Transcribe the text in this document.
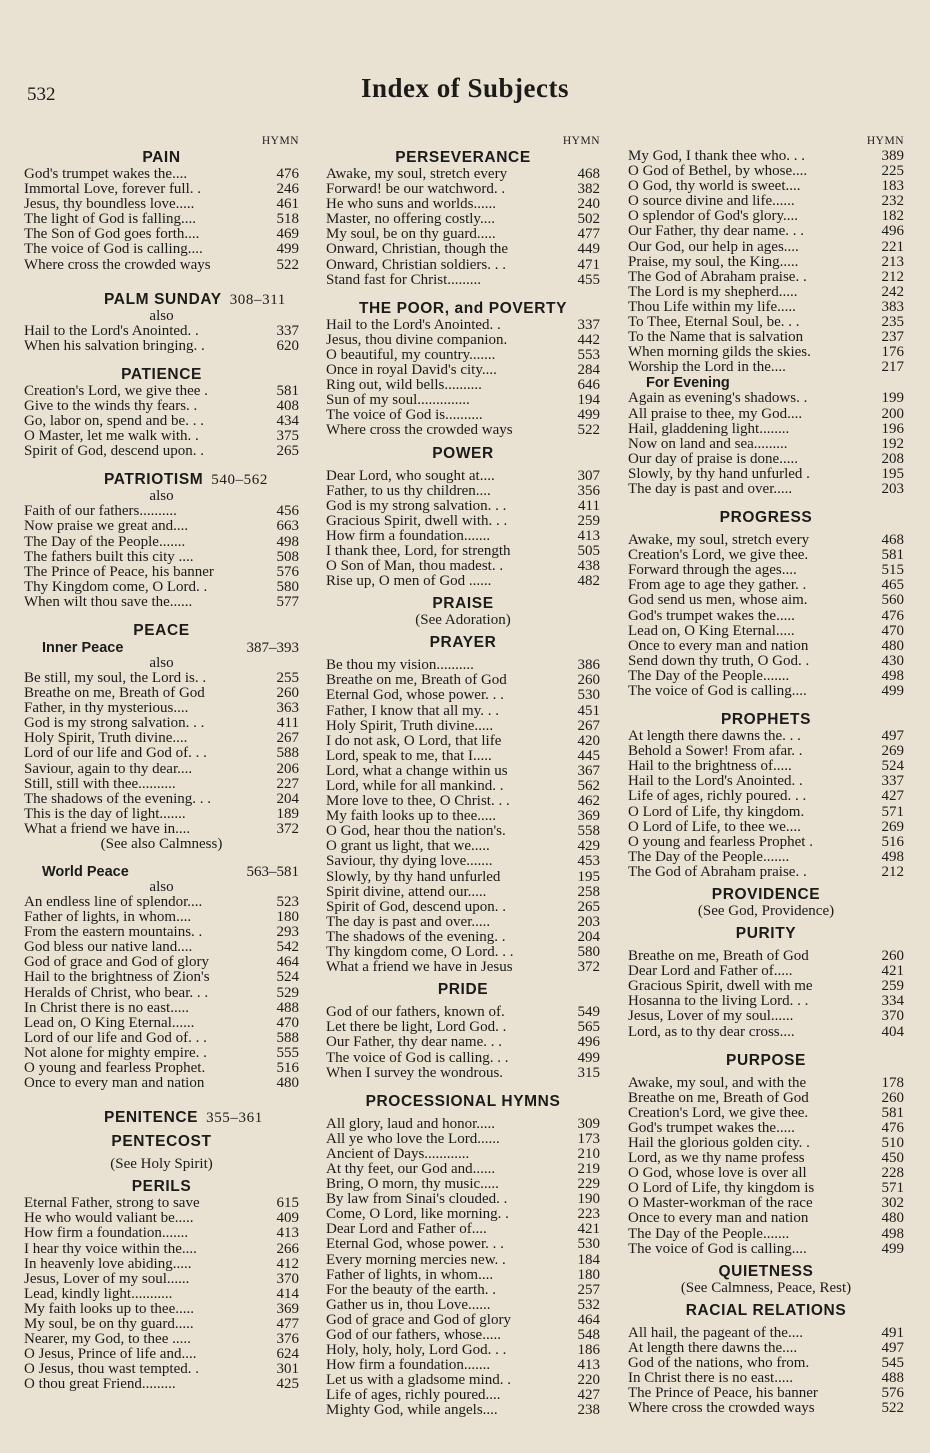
532	Index of Subjects
HYMN
PAIN
God's trumpet wakes the....	476
Immortal Love, forever full. .	246
Jesus, thy boundless love.....	461
The light of God is falling....	518
The Son of God goes forth....	469
The voice of God is calling....	499
Where cross the crowded ways	522
PALM SUNDAY 308–311
also
Hail to the Lord's Anointed. .	337
When his salvation bringing. .	620
PATIENCE
Creation's Lord, we give thee .	581
Give to the winds thy fears. .	408
Go, labor on, spend and be. . .	434
O Master, let me walk with. .	375
Spirit of God, descend upon. .	265
PATRIOTISM 540–562
also
Faith of our fathers..........	456
Now praise we great and....	663
The Day of the People.......	498
The fathers built this city ....	508
The Prince of Peace, his banner	576
Thy Kingdom come, O Lord. .	580
When wilt thou save the......	577
PEACE
Inner Peace	387–393
also
Be still, my soul, the Lord is. .	255
Breathe on me, Breath of God	260
Father, in thy mysterious....	363
God is my strong salvation. . .	411
Holy Spirit, Truth divine....	267
Lord of our life and God of. . .	588
Saviour, again to thy dear....	206
Still, still with thee..........	227
The shadows of the evening. . .	204
This is the day of light.......	189
What a friend we have in....	372
(See also Calmness)
World Peace	563–581
also
An endless line of splendor....	523
Father of lights, in whom....	180
From the eastern mountains. .	293
God bless our native land....	542
God of grace and God of glory	464
Hail to the brightness of Zion's	524
Heralds of Christ, who bear. . .	529
In Christ there is no east.....	488
Lead on, O King Eternal......	470
Lord of our life and God of. . .	588
Not alone for mighty empire. .	555
O young and fearless Prophet.	516
Once to every man and nation	480
PENITENCE 355–361
PENTECOST
(See Holy Spirit)
PERILS
Eternal Father, strong to save	615
He who would valiant be.....	409
How firm a foundation.......	413
I hear thy voice within the....	266
In heavenly love abiding.....	412
Jesus, Lover of my soul......	370
Lead, kindly light...........	414
My faith looks up to thee.....	369
My soul, be on thy guard.....	477
Nearer, my God, to thee .....	376
O Jesus, Prince of life and....	624
O Jesus, thou wast tempted. .	301
O thou great Friend.........	425
HYMN
PERSEVERANCE
Awake, my soul, stretch every	468
Forward! be our watchword. .	382
He who suns and worlds......	240
Master, no offering costly....	502
My soul, be on thy guard.....	477
Onward, Christian, though the	449
Onward, Christian soldiers. . .	471
Stand fast for Christ.........	455
THE POOR, and POVERTY
Hail to the Lord's Anointed. .	337
Jesus, thou divine companion.	442
O beautiful, my country.......	553
Once in royal David's city....	284
Ring out, wild bells..........	646
Sun of my soul..............	194
The voice of God is..........	499
Where cross the crowded ways	522
POWER
Dear Lord, who sought at....	307
Father, to us thy children....	356
God is my strong salvation. . .	411
Gracious Spirit, dwell with. . .	259
How firm a foundation.......	413
I thank thee, Lord, for strength	505
O Son of Man, thou madest. .	438
Rise up, O men of God ......	482
PRAISE
(See Adoration)
PRAYER
Be thou my vision..........	386
Breathe on me, Breath of God	260
Eternal God, whose power. . .	530
Father, I know that all my. . .	451
Holy Spirit, Truth divine.....	267
I do not ask, O Lord, that life	420
Lord, speak to me, that I.....	445
Lord, what a change within us	367
Lord, while for all mankind. .	562
More love to thee, O Christ. . .	462
My faith looks up to thee.....	369
O God, hear thou the nation's.	558
O grant us light, that we.....	429
Saviour, thy dying love.......	453
Slowly, by thy hand unfurled	195
Spirit divine, attend our.....	258
Spirit of God, descend upon. .	265
The day is past and over.....	203
The shadows of the evening. .	204
Thy kingdom come, O Lord. . .	580
What a friend we have in Jesus	372
PRIDE
God of our fathers, known of.	549
Let there be light, Lord God. .	565
Our Father, thy dear name. . .	496
The voice of God is calling. . .	499
When I survey the wondrous.	315
PROCESSIONAL HYMNS
All glory, laud and honor.....	309
All ye who love the Lord......	173
Ancient of Days............	210
At thy feet, our God and......	219
Bring, O morn, thy music.....	229
By law from Sinai's clouded. .	190
Come, O Lord, like morning. .	223
Dear Lord and Father of....	421
Eternal God, whose power. . .	530
Every morning mercies new. .	184
Father of lights, in whom....	180
For the beauty of the earth. .	257
Gather us in, thou Love......	532
God of grace and God of glory	464
God of our fathers, whose.....	548
Holy, holy, holy, Lord God. . .	186
How firm a foundation.......	413
Let us with a gladsome mind. .	220
Life of ages, richly poured....	427
Mighty God, while angels....	238
HYMN
My God, I thank thee who. . .	389
O God of Bethel, by whose....	225
O God, thy world is sweet....	183
O source divine and life......	232
O splendor of God's glory....	182
Our Father, thy dear name. . .	496
Our God, our help in ages....	221
Praise, my soul, the King.....	213
The God of Abraham praise. .	212
The Lord is my shepherd.....	242
Thou Life within my life.....	383
To Thee, Eternal Soul, be. . .	235
To the Name that is salvation	237
When morning gilds the skies.	176
Worship the Lord in the....	217
For Evening
Again as evening's shadows. .	199
All praise to thee, my God....	200
Hail, gladdening light........	196
Now on land and sea.........	192
Our day of praise is done.....	208
Slowly, by thy hand unfurled .	195
The day is past and over.....	203
PROGRESS
Awake, my soul, stretch every	468
Creation's Lord, we give thee.	581
Forward through the ages....	515
From age to age they gather. .	465
God send us men, whose aim.	560
God's trumpet wakes the.....	476
Lead on, O King Eternal.....	470
Once to every man and nation	480
Send down thy truth, O God. .	430
The Day of the People.......	498
The voice of God is calling....	499
PROPHETS
At length there dawns the. . .	497
Behold a Sower! From afar. .	269
Hail to the brightness of.....	524
Hail to the Lord's Anointed. .	337
Life of ages, richly poured. . .	427
O Lord of Life, thy kingdom.	571
O Lord of Life, to thee we....	269
O young and fearless Prophet .	516
The Day of the People.......	498
The God of Abraham praise. .	212
PROVIDENCE
(See God, Providence)
PURITY
Breathe on me, Breath of God	260
Dear Lord and Father of.....	421
Gracious Spirit, dwell with me	259
Hosanna to the living Lord. . .	334
Jesus, Lover of my soul......	370
Lord, as to thy dear cross....	404
PURPOSE
Awake, my soul, and with the	178
Breathe on me, Breath of God	260
Creation's Lord, we give thee.	581
God's trumpet wakes the.....	476
Hail the glorious golden city. .	510
Lord, as we thy name profess	450
O God, whose love is over all	228
O Lord of Life, thy kingdom is	571
O Master-workman of the race	302
Once to every man and nation	480
The Day of the People.......	498
The voice of God is calling....	499
QUIETNESS
(See Calmness, Peace, Rest)
RACIAL RELATIONS
All hail, the pageant of the....	491
At length there dawns the....	497
God of the nations, who from.	545
In Christ there is no east.....	488
The Prince of Peace, his banner	576
Where cross the crowded ways	522
